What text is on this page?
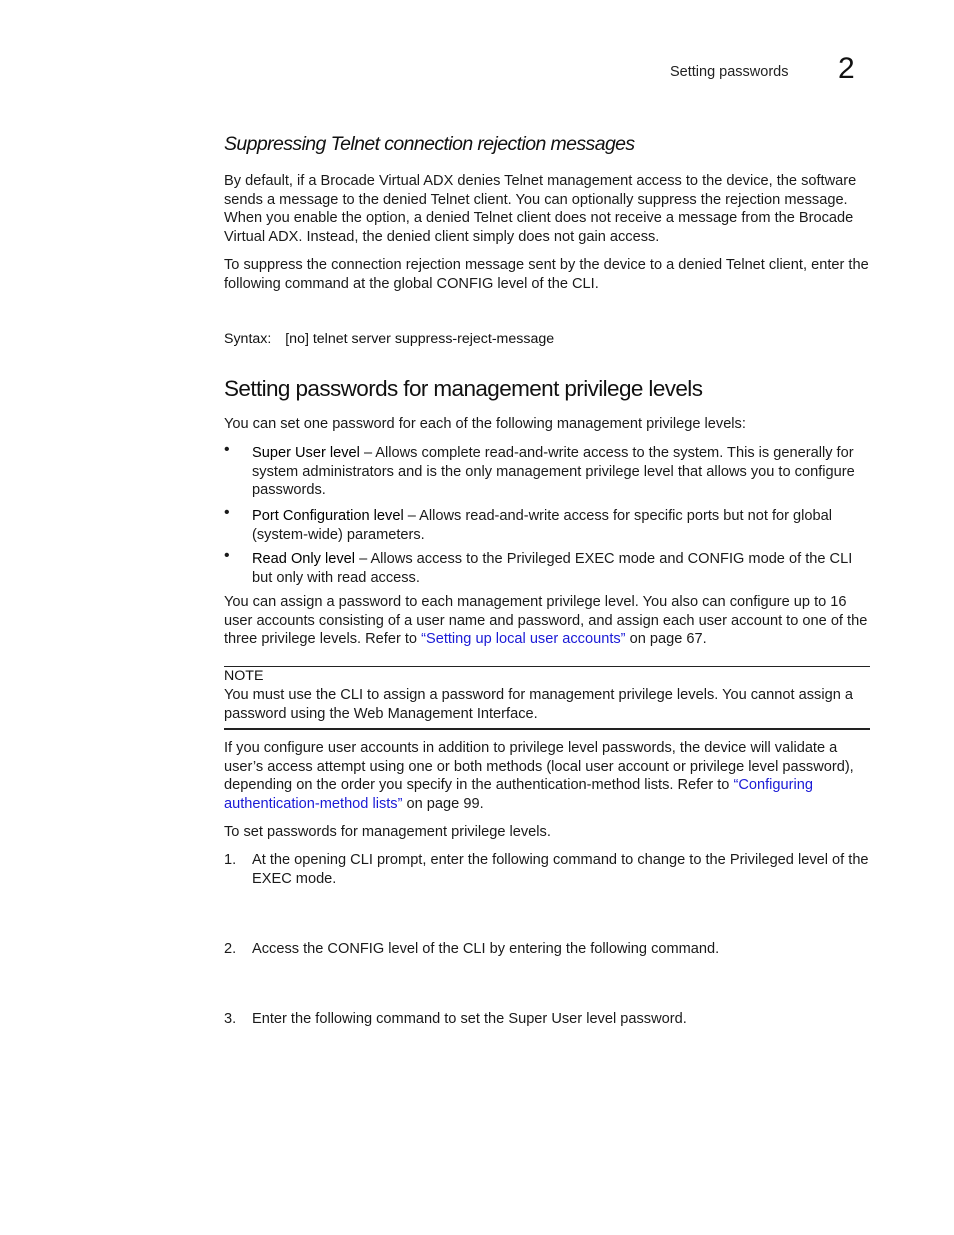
Setting passwords 2
Suppressing Telnet connection rejection messages
By default, if a Brocade Virtual ADX denies Telnet management access to the device, the software sends a message to the denied Telnet client. You can optionally suppress the rejection message. When you enable the option, a denied Telnet client does not receive a message from the Brocade Virtual ADX. Instead, the denied client simply does not gain access.
To suppress the connection rejection message sent by the device to a denied Telnet client, enter the following command at the global CONFIG level of the CLI.
Syntax: [no] telnet server suppress-reject-message
Setting passwords for management privilege levels
You can set one password for each of the following management privilege levels:
• Super User level – Allows complete read-and-write access to the system. This is generally for system administrators and is the only management privilege level that allows you to configure passwords.
• Port Configuration level – Allows read-and-write access for specific ports but not for global (system-wide) parameters.
• Read Only level – Allows access to the Privileged EXEC mode and CONFIG mode of the CLI but only with read access.
You can assign a password to each management privilege level. You also can configure up to 16 user accounts consisting of a user name and password, and assign each user account to one of the three privilege levels. Refer to “Setting up local user accounts” on page 67.
NOTE
You must use the CLI to assign a password for management privilege levels. You cannot assign a password using the Web Management Interface.
If you configure user accounts in addition to privilege level passwords, the device will validate a user’s access attempt using one or both methods (local user account or privilege level password), depending on the order you specify in the authentication-method lists. Refer to “Configuring authentication-method lists” on page 99.
To set passwords for management privilege levels.
1. At the opening CLI prompt, enter the following command to change to the Privileged level of the EXEC mode.
2. Access the CONFIG level of the CLI by entering the following command.
3. Enter the following command to set the Super User level password.
